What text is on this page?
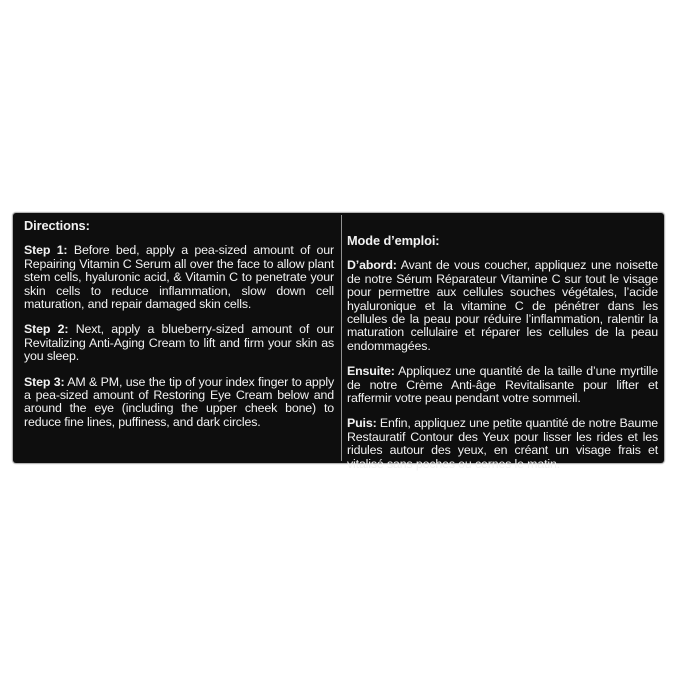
Directions:

Step 1: Before bed, apply a pea-sized amount of our Repairing Vitamin C Serum all over the face to allow plant stem cells, hyaluronic acid, & Vitamin C to penetrate your skin cells to reduce inflammation, slow down cell maturation, and repair damaged skin cells.

Step 2: Next, apply a blueberry-sized amount of our Revitalizing Anti-Aging Cream to lift and firm your skin as you sleep.

Step 3: AM & PM, use the tip of your index finger to apply a pea-sized amount of Restoring Eye Cream below and around the eye (including the upper cheek bone) to reduce fine lines, puffiness, and dark circles.

Mode d’emploi:

D’abord: Avant de vous coucher, appliquez une noisette de notre Sérum Réparateur Vitamine C sur tout le visage pour permettre aux cellules souches végétales, l’acide hyaluronique et la vitamine C de pénétrer dans les cellules de la peau pour réduire l’inflammation, ralentir la maturation cellulaire et réparer les cellules de la peau endommagées.

Ensuite: Appliquez une quantité de la taille d’une myrtille de notre Crème Anti-âge Revitalisante pour lifter et raffermir votre peau pendant votre sommeil.

Puis: Enfin, appliquez une petite quantité de notre Baume Restauratif Contour des Yeux pour lisser les rides et les ridules autour des yeux, en créant un visage frais et vitalisé sans poches ou cernes le matin.
